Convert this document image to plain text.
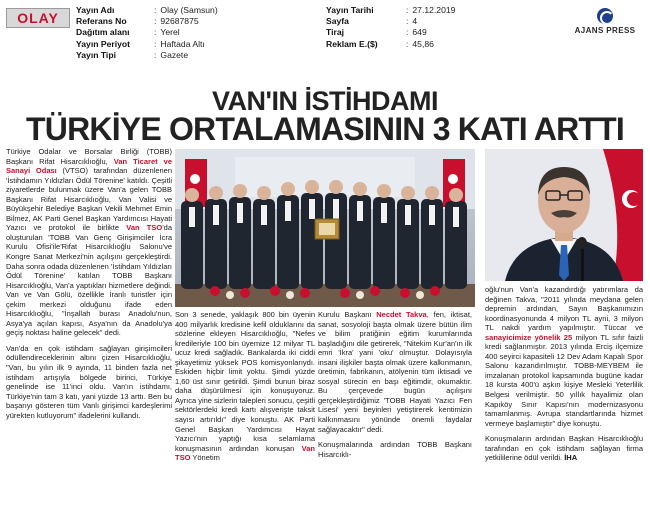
OLAY	Yayın Adı	: Olay (Samsun)
Referans No	: 92687875
Dağıtım alanı	: Yerel
Yayın Periyot	: Haftada Altı
Yayın Tipi	: Gazete
Yayın Tarihi	: 27.12.2019
Sayfa	: 4
Tiraj	: 649
Reklam E.($)	: 45,86
AJANS PRESS
VAN'IN İSTİHDAMI
TÜRKİYE ORTALAMASININ 3 KATI ARTTI

Türkiye Odalar ve Borsalar Birliği (TOBB) Başkanı Rifat Hisarcıklıoğlu, Van Ticaret ve Sanayi Odası (VTSO) tarafından düzenlenen 'İstihdamın Yıldızları Ödül Törenine' katıldı. Çeşitli ziyaretlerde bulunmak üzere Van'a gelen TOBB Başkanı Rifat Hisarcıklıoğlu, Van Valisi ve Büyükşehir Belediye Başkan Vekili Mehmet Emin Bilmez, AK Parti Genel Başkan Yardımcısı Hayati Yazıcı ve protokol ile birlikte Van TSO'da oluşturulan 'TOBB Van Genç Girişimciler İcra Kurulu Ofisi'ile'Rifat Hisarcıklıoğlu Salonu've Kongre Sanat Merkezi'nin açılışını gerçekleştirdi. Daha sonra odada düzenlenen 'İstihdam Yıldızları Ödül Törenine' katılan TOBB Başkanı Hisarcıklıoğlu, Van'a yaptıkları hizmetlere değindi. Van ve Van Gölü, özellikle İranlı turistler için çekim merkezi olduğunu ifade eden Hisarcıklıoğlu, "İnşallah burası Anadolu'nun, Asya'ya açılan kapısı, Asya'nın da Anadolu'ya geçiş noktası haline gelecek" dedi.

Van'da en çok istihdam sağlayan girişimcileri ödüllendireceklerinin altını çizen Hisarcıklıoğlu, "Van, bu yılın ilk 9 ayında, 11 binden fazla net istihdam artışıyla bölgede birinci, Türkiye genelinde ise 11'inci oldu. Van'ın istihdamı, Türkiye'nin tam 3 katı, yani yüzde 13 arttı. Ben bu başarıyı gösteren tüm Vanlı girişimci kardeşlerimi yürekten kutluyorum" ifadelerini kullandı.

Son 3 senede, yaklaşık 800 bin üyenin 400 milyarlık kredisine kefil olduklarını da sözlerine ekleyen Hisarcıklıoğlu, "Nefes kredileriyle 100 bin üyemize 12 milyar TL ucuz kredi sağladık. Bankalarda iki ciddi şikayetimiz yüksek POS komisyonlarıydı. Eskiden hiçbir limit yoktu. Şimdi yüzde 1,60 üst sınır getirildi. Şimdi bunun biraz daha düşürülmesi için konuşuyoruz. Ayrıca yine sizlerin talepleri sonucu, çeşitli sektörlerdeki kredi kartı alışverişte taksit sayısı artırıldı" diye konuştu. AK Parti Genel Başkan Yardımcısı Hayat Yazıcı'nın yaptığı kısa selamlama konuşmasının ardından konuşan Van TSO Yönetim

Kurulu Başkanı Necdet Takva, fen, iktisat, sanat, sosyoloji başta olmak üzere bütün ilim ve bilim pratiğinin eğitim kurumlarında başladığını dile getirerek, "Nitekim Kur'an'ın ilk emri 'İkra' yani 'oku' olmuştur. Dolayısıyla insani ilişkiler başta olmak üzere kalkınmanın, üretimin, fabrikanın, atölyenin tüm iktisadi ve sosyal sürecin en başı eğitimdir, okumaktır. Bu çerçevede bugün açılışını gerçekleştirdiğimiz 'TOBB Hayati Yazıcı Fen Lisesi' yeni beyinleri yetiştirerek kentimizin kalkınmasını yönünde önemli faydalar sağlayacaktır" dedi.

Konuşmalarında ardından TOBB Başkanı Hisarcıklı-

oğlu'nun Van'a kazandırdığı yatırımlara da değinen Takva, "2011 yılında meydana gelen depremin ardından, Sayın Başkanımızın koordinasyonunda 4 milyon TL ayni, 3 milyon TL nakdi yardım yapılmıştır. Tüccar ve sanayicimize yönelik 25 milyon TL sıfır faizli kredi sağlanmıştır. 2013 yılında Erciş ilçemize 400 seyirci kapasiteli 12 Dev Adam Kapalı Spor Salonu kazandırılmıştır. TOBB-MEYBEM ile imzalanan protokol kapsamında bugüne kadar 18 kursta 400'ü aşkın kişiye Mesleki Yeterlilik Belgesi verilmiştir. 50 yıllık hayalimiz olan Kapıköy Sınır Kapısı'nın modernizasyonu tamamlanmış. Avrupa standartlarında hizmet vermeye başlamıştır" diye konuştu.

Konuşmaların ardından Başkan Hisarcıklıoğlu tarafından en çok istihdam sağlayan firma yetkililerine ödül verildi. İHA
